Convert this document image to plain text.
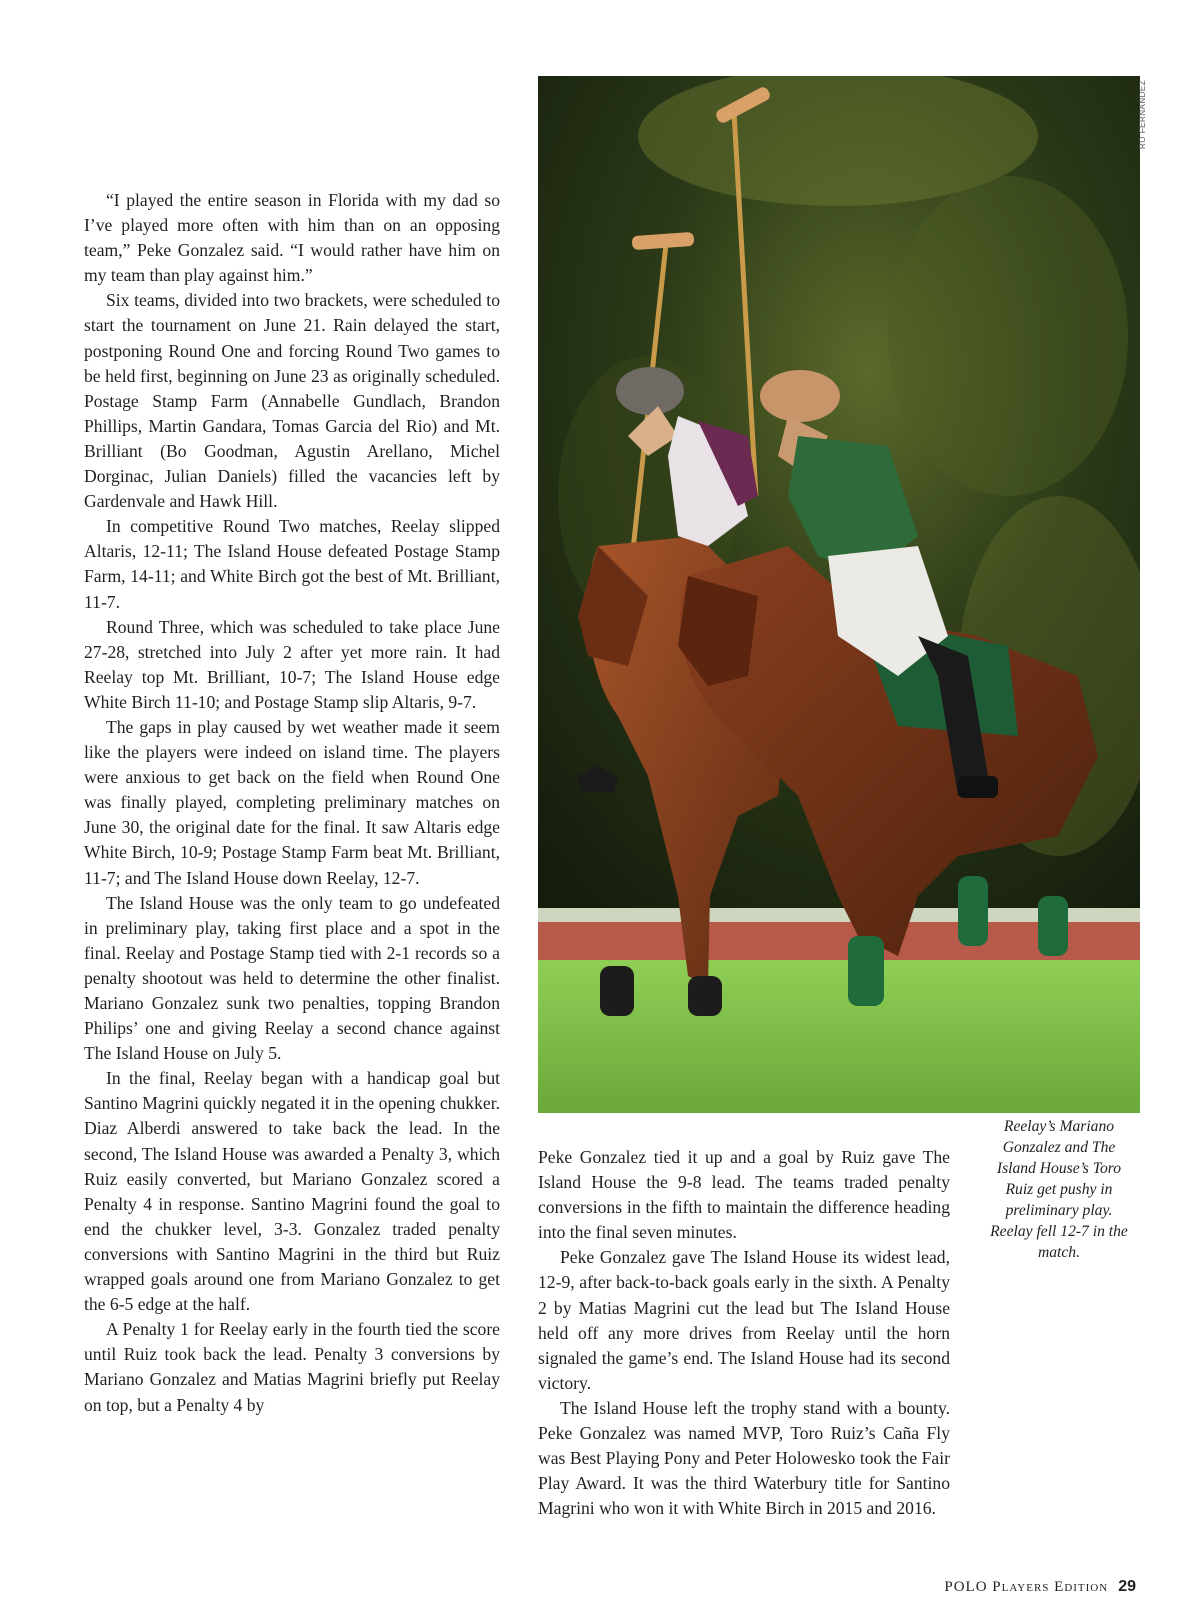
“I played the entire season in Florida with my dad so I’ve played more often with him than on an opposing team,” Peke Gonzalez said. “I would rather have him on my team than play against him.”

Six teams, divided into two brackets, were scheduled to start the tournament on June 21. Rain delayed the start, postponing Round One and forcing Round Two games to be held first, beginning on June 23 as originally scheduled. Postage Stamp Farm (Annabelle Gundlach, Brandon Phillips, Martin Gandara, Tomas Garcia del Rio) and Mt. Brilliant (Bo Goodman, Agustin Arellano, Michel Dorginac, Julian Daniels) filled the vacancies left by Gardenvale and Hawk Hill.

In competitive Round Two matches, Reelay slipped Altaris, 12-11; The Island House defeated Postage Stamp Farm, 14-11; and White Birch got the best of Mt. Brilliant, 11-7.

Round Three, which was scheduled to take place June 27-28, stretched into July 2 after yet more rain. It had Reelay top Mt. Brilliant, 10-7; The Island House edge White Birch 11-10; and Postage Stamp slip Altaris, 9-7.

The gaps in play caused by wet weather made it seem like the players were indeed on island time. The players were anxious to get back on the field when Round One was finally played, completing preliminary matches on June 30, the original date for the final. It saw Altaris edge White Birch, 10-9; Postage Stamp Farm beat Mt. Brilliant, 11-7; and The Island House down Reelay, 12-7.

The Island House was the only team to go undefeated in preliminary play, taking first place and a spot in the final. Reelay and Postage Stamp tied with 2-1 records so a penalty shootout was held to determine the other finalist. Mariano Gonzalez sunk two penalties, topping Brandon Philips’ one and giving Reelay a second chance against The Island House on July 5.

In the final, Reelay began with a handicap goal but Santino Magrini quickly negated it in the opening chukker. Diaz Alberdi answered to take back the lead. In the second, The Island House was awarded a Penalty 3, which Ruiz easily converted, but Mariano Gonzalez scored a Penalty 4 in response. Santino Magrini found the goal to end the chukker level, 3-3. Gonzalez traded penalty conversions with Santino Magrini in the third but Ruiz wrapped goals around one from Mariano Gonzalez to get the 6-5 edge at the half.

A Penalty 1 for Reelay early in the fourth tied the score until Ruiz took back the lead. Penalty 3 conversions by Mariano Gonzalez and Matias Magrini briefly put Reelay on top, but a Penalty 4 by

RO FERNANDEZ
Reelay’s Mariano Gonzalez and The Island House’s Toro Ruiz get pushy in preliminary play. Reelay fell 12-7 in the match.

Peke Gonzalez tied it up and a goal by Ruiz gave The Island House the 9-8 lead. The teams traded penalty conversions in the fifth to maintain the difference heading into the final seven minutes.

Peke Gonzalez gave The Island House its widest lead, 12-9, after back-to-back goals early in the sixth. A Penalty 2 by Matias Magrini cut the lead but The Island House held off any more drives from Reelay until the horn signaled the game’s end. The Island House had its second victory.

The Island House left the trophy stand with a bounty. Peke Gonzalez was named MVP, Toro Ruiz’s Caña Fly was Best Playing Pony and Peter Holowesko took the Fair Play Award. It was the third Waterbury title for Santino Magrini who won it with White Birch in 2015 and 2016.

POLO Players Edition 29
